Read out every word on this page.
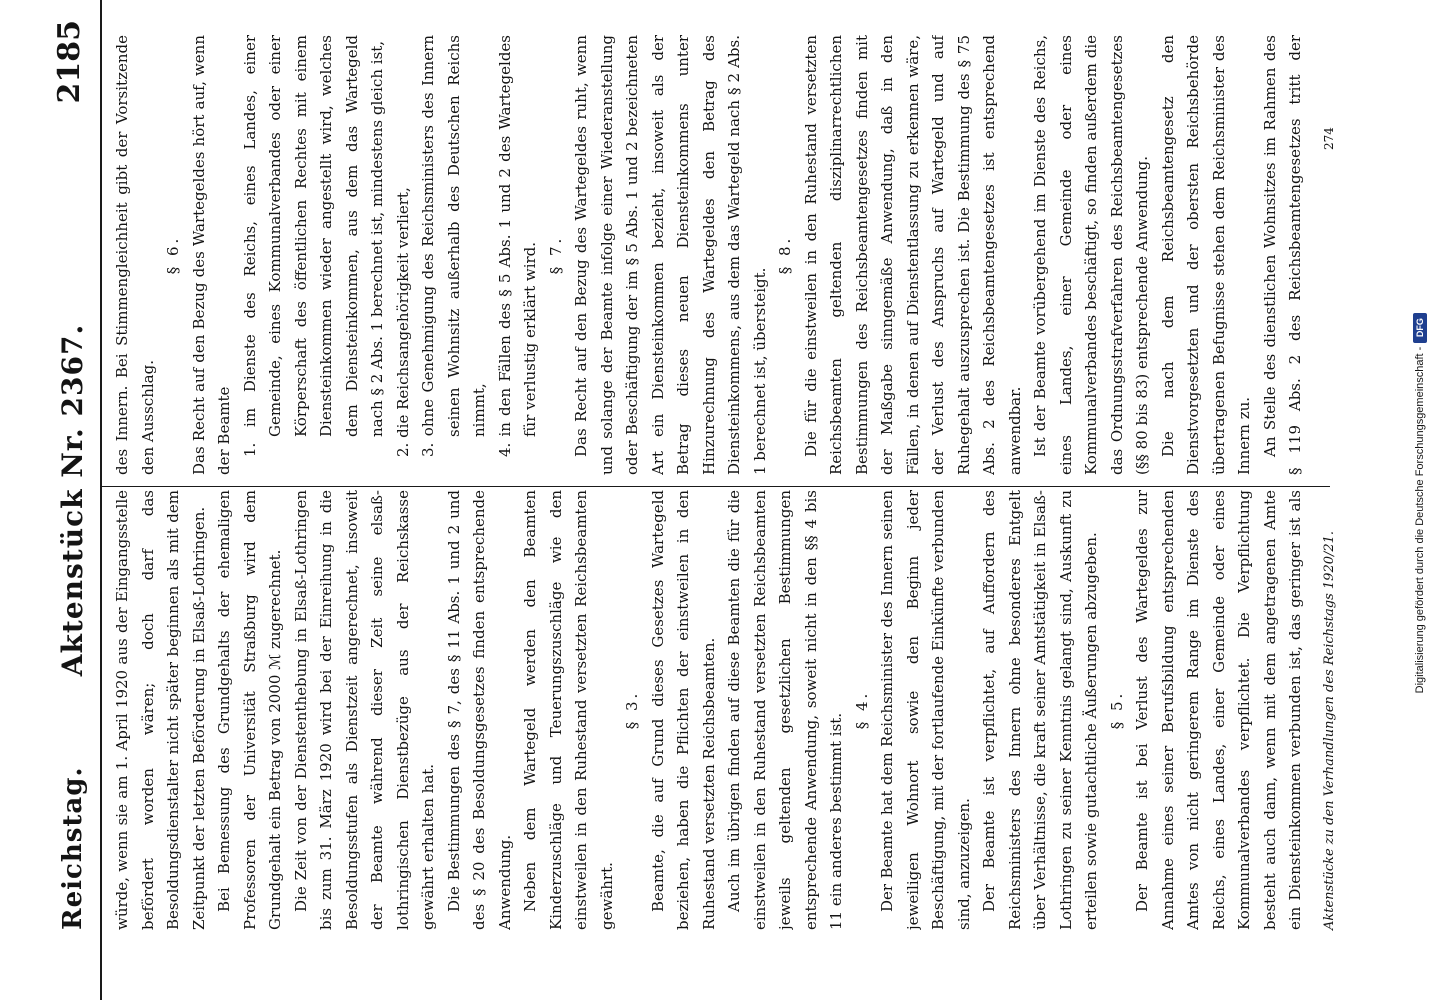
Reichstag.
Aktenstück Nr. 2367.
2185

würde, wenn sie am 1. April 1920 aus der Eingangsstelle befördert worden wären; doch darf das Besoldungsdienstalter nicht später beginnen als mit dem Zeitpunkt der letzten Beförderung in Elsaß-Lothringen. Bei Bemessung des Grundgehalts der ehemaligen Professoren der Universität Straßburg wird dem Grundgehalt ein Betrag von 2000 ℳ zugerechnet. Die Zeit von der Dienstenthebung in Elsaß-Lothringen bis zum 31. März 1920 wird bei der Einreihung in die Besoldungsstufen als Dienstzeit angerechnet, insoweit der Beamte während dieser Zeit seine elsaß-lothringischen Dienstbezüge aus der Reichskasse gewährt erhalten hat. Die Bestimmungen des § 7, des § 11 Abs. 1 und 2 und des § 20 des Besoldungsgesetzes finden entsprechende Anwendung. Neben dem Wartegeld werden den Beamten Kinderzuschläge und Teuerungszuschläge wie den einstweilen in den Ruhestand versetzten Reichsbeamten gewährt.

§ 3. Beamte, die auf Grund dieses Gesetzes Wartegeld beziehen, haben die Pflichten der einstweilen in den Ruhestand versetzten Reichsbeamten. Auch im übrigen finden auf diese Beamten die für die einstweilen in den Ruhestand versetzten Reichsbeamten jeweils geltenden gesetzlichen Bestimmungen entsprechende Anwendung, soweit nicht in den §§ 4 bis 11 ein anderes bestimmt ist.

§ 4. Der Beamte hat dem Reichsminister des Innern seinen jeweiligen Wohnort sowie den Beginn jeder Beschäftigung, mit der fortlaufende Einkünfte verbunden sind, anzuzeigen. Der Beamte ist verpflichtet, auf Auffordern des Reichsministers des Innern ohne besonderes Entgelt über Verhältnisse, die kraft seiner Amtstätigkeit in Elsaß-Lothringen zu seiner Kenntnis gelangt sind, Auskunft zu erteilen sowie gutachtliche Äußerungen abzugeben. § 5.

Der Beamte ist bei Verlust des Wartegeldes zur Annahme eines seiner Berufsbildung entsprechenden Amtes von nicht geringerem Range im Dienste des Reichs, eines Landes, einer Gemeinde oder eines Kommunalverbandes verpflichtet. Die Verpflichtung besteht auch dann, wenn mit dem angetragenen Amte ein Diensteinkommen verbunden ist, das geringer ist als

des Innern. Bei Stimmengleichheit gibt der Vorsitzende den Ausschlag.

§ 6. Das Recht auf den Bezug des Wartegeldes hört auf, wenn der Beamte 1. im Dienste des Reichs, eines Landes, einer Gemeinde, eines Kommunalverbandes oder einer Körperschaft des öffentlichen Rechtes mit einem Diensteinkommen wieder angestellt wird, welches dem Diensteinkommen, aus dem das Wartegeld nach § 2 Abs. 1 berechnet ist, mindestens gleich ist, 2. die Reichsangehörigkeit verliert, 3. ohne Genehmigung des Reichsministers des Innern seinen Wohnsitz außerhalb des Deutschen Reichs nimmt, 4. in den Fällen des § 5 Abs. 1 und 2 des Wartegeldes für verlustig erklärt wird. § 7. Das Recht auf den Bezug des Wartegeldes ruht, wenn und solange der Beamte infolge einer Wiederanstellung oder Beschäftigung der im § 5 Abs. 1 und 2 bezeichneten Art ein Diensteinkommen bezieht, insoweit als der Betrag dieses neuen Diensteinkommens unter Hinzurechnung des Wartegeldes den Betrag des Diensteinkommens, aus dem das Wartegeld nach § 2 Abs. 1 berechnet ist, übersteigt.

§ 8. Die für die einstweilen in den Ruhestand versetzten Reichsbeamten geltenden disziplinarrechtlichen Bestimmungen des Reichsbeamtengesetzes finden mit der Maßgabe sinngemäße Anwendung, daß in den Fällen, in denen auf Dienstentlassung zu erkennen wäre, der Verlust des Anspruchs auf Wartegeld und auf Ruhegehalt auszusprechen ist. Die Bestimmung des § 75 Abs. 2 des Reichsbeamtengesetzes ist entsprechend anwendbar. Ist der Beamte vorübergehend im Dienste des Reichs, eines Landes, einer Gemeinde oder eines Kommunalverbandes beschäftigt, so finden außerdem die das Ordnungsstrafverfahren des Reichsbeamtengesetzes (§§ 80 bis 83) entsprechende Anwendung. Die nach dem Reichsbeamtengesetz den Dienstvorgesetzten und der obersten Reichsbehörde übertragenen Befugnisse stehen dem Reichsminister des Innern zu. An Stelle des dienstlichen Wohnsitzes im Rahmen des § 119 Abs. 2 des Reichsbeamtengesetzes tritt der

Aktenstücke zu den Verhandlungen des Reichstags 1920/21.
274
Digitalisierung gefördert durch die Deutsche Forschungsgemeinschaft -
DFG
